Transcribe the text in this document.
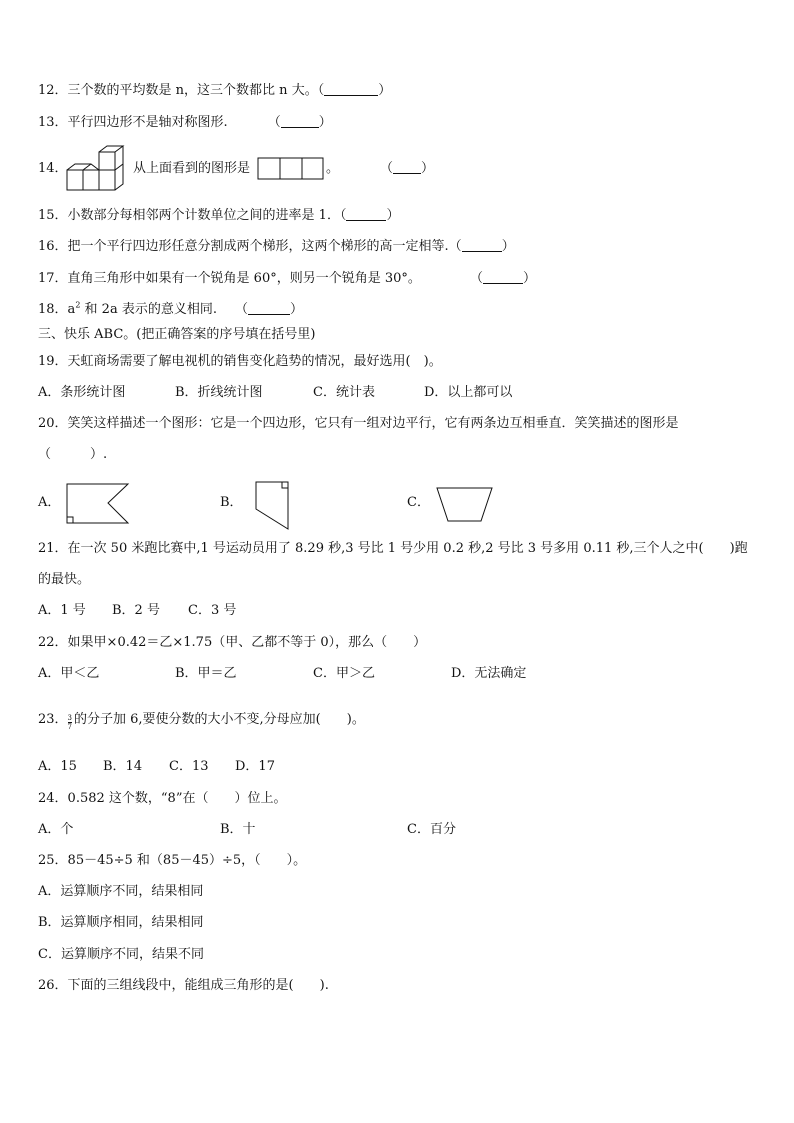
12．三个数的平均数是 n，这三个数都比 n 大。（	）
13．平行四边形不是轴对称图形.	（	）
14．	从上面看到的图形是	。	（ ）
15．小数部分每相邻两个计数单位之间的进率是 1．（	）
16．把一个平行四边形任意分割成两个梯形，这两个梯形的高一定相等.（	）
17．直角三角形中如果有一个锐角是 60°，则另一个锐角是 30°。	（	）
18．$a^2$ 和 2a 表示的意义相同. （	）
三、快乐 ABC。(把正确答案的序号填在括号里)
19．天虹商场需要了解电视机的销售变化趋势的情况，最好选用(　)。
A．条形统计图	B．折线统计图	C．统计表	D．以上都可以
20．笑笑这样描述一个图形：它是一个四边形，它只有一组对边平行，它有两条边互相垂直．笑笑描述的图形是
（　　　）.
A．	B．	C．
21．在一次 50 米跑比赛中,1 号运动员用了 8.29 秒,3 号比 1 号少用 0.2 秒,2 号比 3 号多用 0.11 秒,三个人之中(　　)跑
的最快。
A．1 号 B．2 号 C．3 号
22．如果甲×0.42＝乙×1.75（甲、乙都不等于 0），那么（　　）
A．甲＜乙	B．甲＝乙	C．甲＞乙	D．无法确定
23． $\frac{3}{7}$ 的分子加 6,要使分数的大小不变,分母应加(　　)。
A．15 B．14 C．13 D．17
24．0.582 这个数，“8”在（　　）位上。
A．个	B．十	C．百分
25．85－45÷5 和（85－45）÷5，（　　）。
A．运算顺序不同，结果相同
B．运算顺序相同，结果相同
C．运算顺序不同，结果不同
26．下面的三组线段中，能组成三角形的是(　　).
